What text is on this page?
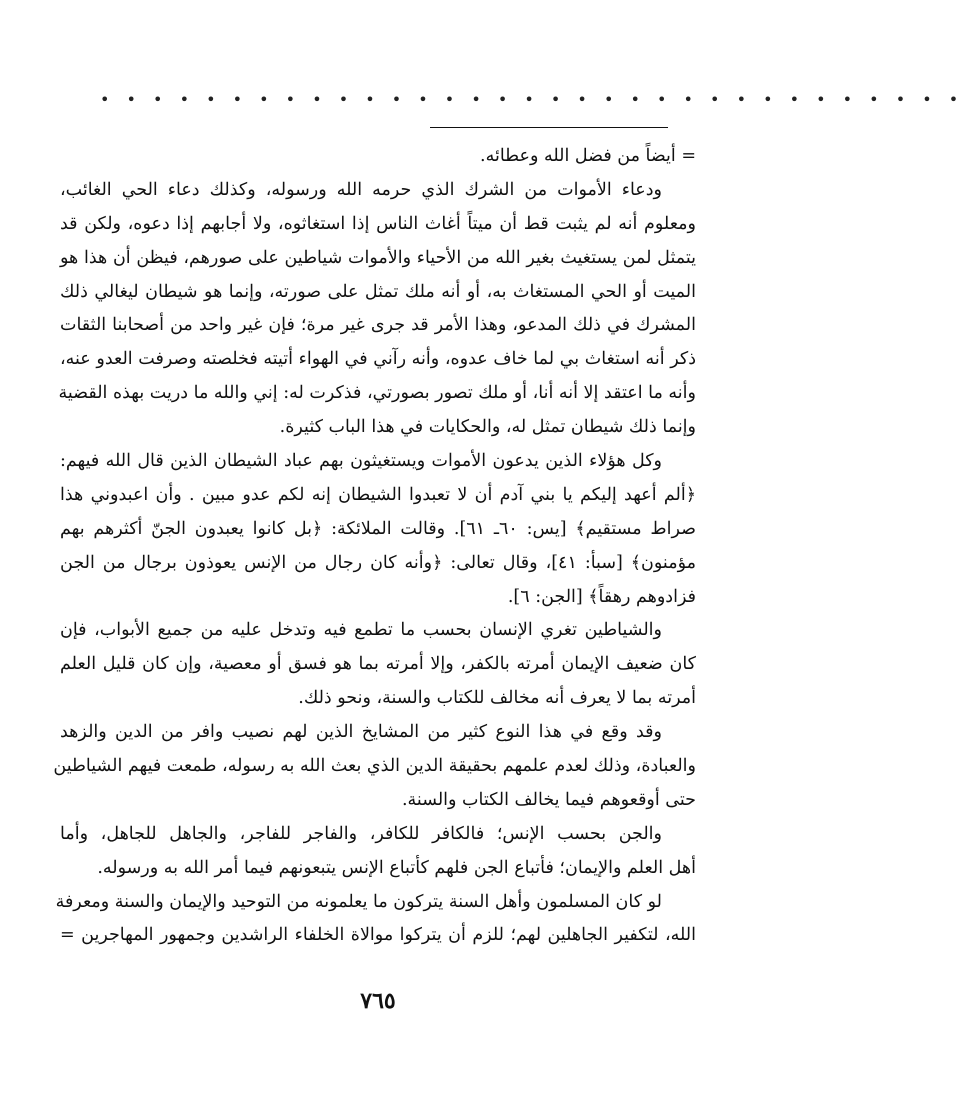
• • • • • • • • • • • • • • • • • • • • • • • • • • • • • • • • •
= أيضاً من فضل الله وعطائه.
ودعاء الأموات من الشرك الذي حرمه الله ورسوله، وكذلك دعاء الحي الغائب،
ومعلوم أنه لم يثبت قط أن ميتاً أغاث الناس إذا استغاثوه، ولا أجابهم إذا دعوه، ولكن قد
يتمثل لمن يستغيث بغير الله من الأحياء والأموات شياطين على صورهم، فيظن أن هذا هو
الميت أو الحي المستغاث به، أو أنه ملك تمثل على صورته، وإنما هو شيطان ليغالي ذلك
المشرك في ذلك المدعو، وهذا الأمر قد جرى غير مرة؛ فإن غير واحد من أصحابنا الثقات
ذكر أنه استغاث بي لما خاف عدوه، وأنه رآني في الهواء أتيته فخلصته وصرفت العدو عنه،
وأنه ما اعتقد إلا أنه أنا، أو ملك تصور بصورتي، فذكرت له: إني والله ما دريت بهذه القضية
وإنما ذلك شيطان تمثل له، والحكايات في هذا الباب كثيرة.
وكل هؤلاء الذين يدعون الأموات ويستغيثون بهم عباد الشيطان الذين قال الله فيهم:
﴿ألم أعهد إليكم يا بني آدم أن لا تعبدوا الشيطان إنه لكم عدو مبين . وأن اعبدوني هذا
صراط مستقيم﴾ [يس: ٦٠ـ ٦١]. وقالت الملائكة: ﴿بل كانوا يعبدون الجنّ أكثرهم بهم
مؤمنون﴾ [سبأ: ٤١]، وقال تعالى: ﴿وأنه كان رجال من الإنس يعوذون برجال من الجن
فزادوهم رهقاً﴾ [الجن: ٦].
والشياطين تغري الإنسان بحسب ما تطمع فيه وتدخل عليه من جميع الأبواب، فإن
كان ضعيف الإيمان أمرته بالكفر، وإلا أمرته بما هو فسق أو معصية، وإن كان قليل العلم
أمرته بما لا يعرف أنه مخالف للكتاب والسنة، ونحو ذلك.
وقد وقع في هذا النوع كثير من المشايخ الذين لهم نصيب وافر من الدين والزهد
والعبادة، وذلك لعدم علمهم بحقيقة الدين الذي بعث الله به رسوله، طمعت فيهم الشياطين
حتى أوقعوهم فيما يخالف الكتاب والسنة.
والجن بحسب الإنس؛ فالكافر للكافر، والفاجر للفاجر، والجاهل للجاهل، وأما
أهل العلم والإيمان؛ فأتباع الجن فلهم كأتباع الإنس يتبعونهم فيما أمر الله به ورسوله.
لو كان المسلمون وأهل السنة يتركون ما يعلمونه من التوحيد والإيمان والسنة ومعرفة
الله، لتكفير الجاهلين لهم؛ للزم أن يتركوا موالاة الخلفاء الراشدين وجمهور المهاجرين =
٧٦٥
